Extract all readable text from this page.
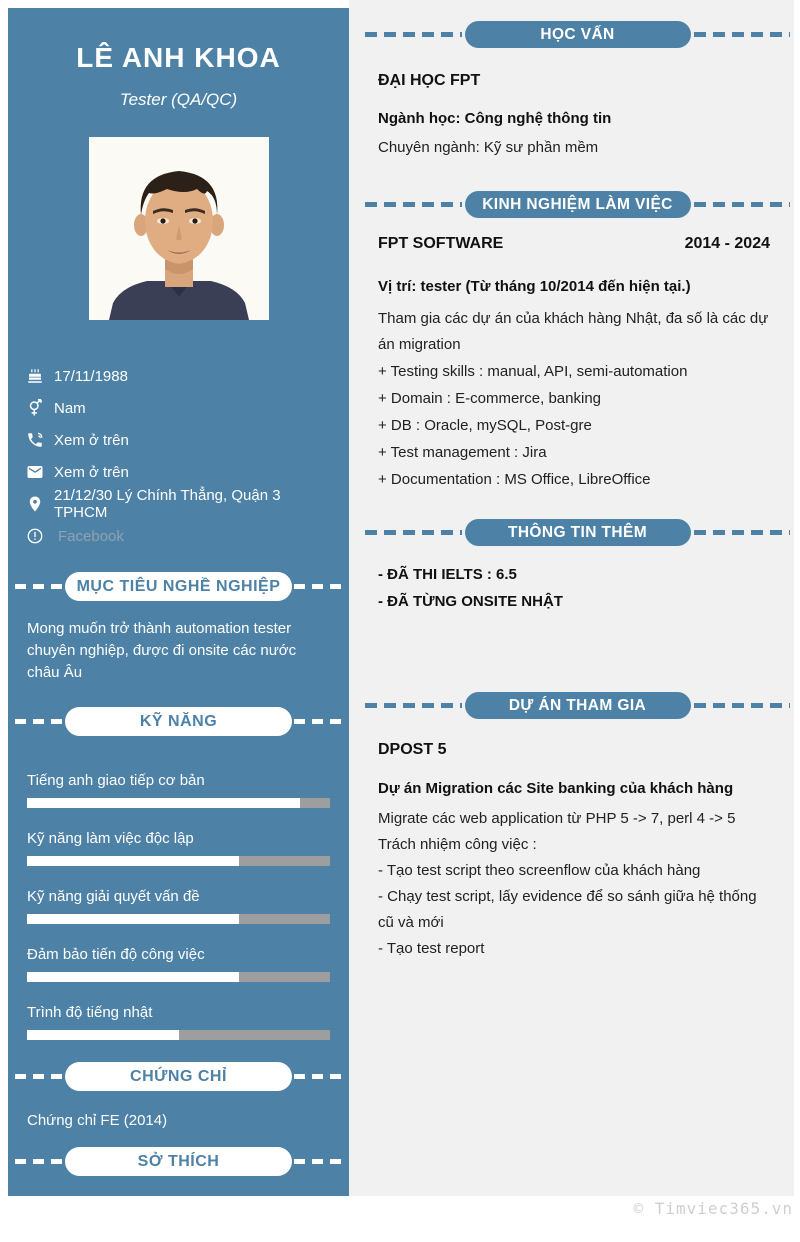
LÊ ANH KHOA
Tester (QA/QC)
17/11/1988
Nam
Xem ở trên
Xem ở trên
21/12/30 Lý Chính Thẳng, Quận 3 TPHCM
Facebook
MỤC TIÊU NGHỀ NGHIỆP
Mong muốn trở thành automation tester chuyên nghiệp, được đi onsite các nước châu Âu
KỸ NĂNG
Tiếng anh giao tiếp cơ bản
Kỹ năng làm việc độc lập
Kỹ năng giải quyết vấn đề
Đảm bảo tiến độ công việc
Trình độ tiếng nhật
CHỨNG CHỈ
Chứng chỉ FE (2014)
SỞ THÍCH
- Sử dụng ngoại ngữ trong cuộc sống
- Video games
HỌC VẤN
ĐẠI HỌC FPT
Ngành học: Công nghệ thông tin
Chuyên ngành: Kỹ sư phần mềm
KINH NGHIỆM LÀM VIỆC
FPT SOFTWARE	2014 - 2024
Vị trí: tester (Từ tháng 10/2014 đến hiện tại.)
Tham gia các dự án của khách hàng Nhật, đa số là các dự án migration
+ Testing skills : manual, API, semi-automation
+ Domain : E-commerce, banking
+ DB : Oracle, mySQL, Post-gre
+ Test management : Jira
+ Documentation : MS Office, LibreOffice
THÔNG TIN THÊM
- ĐÃ THI IELTS : 6.5
- ĐÃ TỪNG ONSITE NHẬT
DỰ ÁN THAM GIA
DPOST 5
Dự án Migration các Site banking của khách hàng
Migrate các web application từ PHP 5 -> 7, perl 4 -> 5
Trách nhiệm công việc :
- Tạo test script theo screenflow của khách hàng
- Chạy test script, lấy evidence để so sánh giữa hệ thống cũ và mới
- Tạo test report
© Timviec365.vn
